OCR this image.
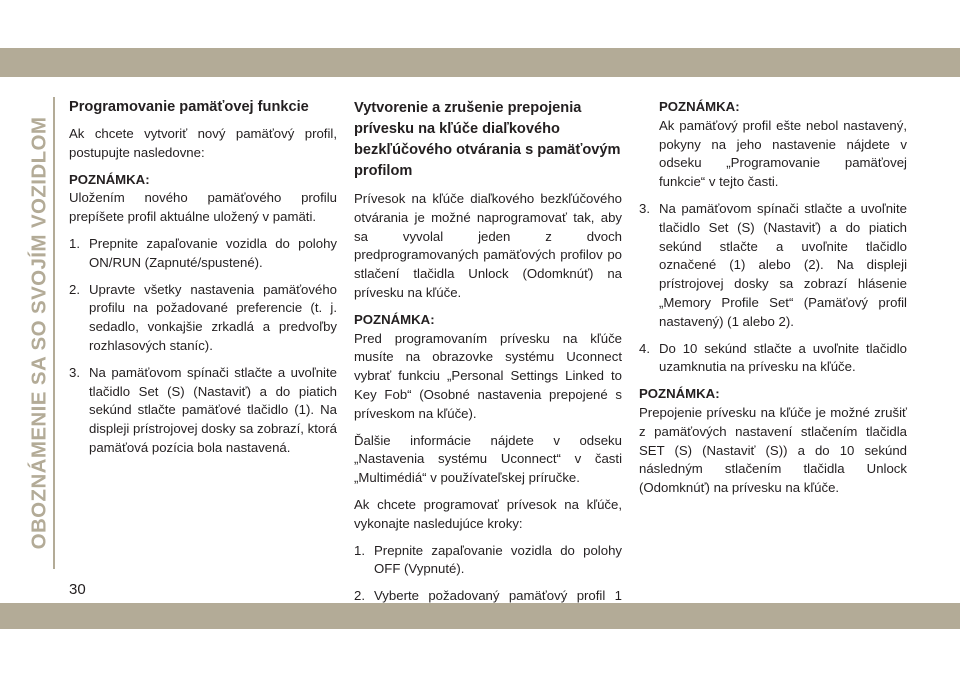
OBOZNÁMENIE SA SO SVOJÍM VOZIDLOM
Programovanie pamäťovej funkcie

Ak chcete vytvoriť nový pamäťový profil, postupujte nasledovne:

POZNÁMKA:

Uložením nového pamäťového profilu prepíšete profil aktuálne uložený v pamäti.

1. Prepnite zapaľovanie vozidla do polohy ON/RUN (Zapnuté/spustené).
2. Upravte všetky nastavenia pamäťového profilu na požadované preferencie (t. j. sedadlo, vonkajšie zrkadlá a predvoľby rozhlasových staníc).
3. Na pamäťovom spínači stlačte a uvoľnite tlačidlo Set (S) (Nastaviť) a do piatich sekúnd stlačte pamäťové tlačidlo (1). Na displeji prístrojovej dosky sa zobrazí, ktorá pamäťová pozícia bola nastavená.
Vytvorenie a zrušenie prepojenia prívesku na kľúče diaľkového bezkľúčového otvárania s pamäťovým profilom

Prívesok na kľúče diaľkového bezkľúčového otvárania je možné naprogramovať tak, aby sa vyvolal jeden z dvoch predprogramovaných pamäťových profilov po stlačení tlačidla Unlock (Odomknúť) na prívesku na kľúče.

POZNÁMKA:

Pred programovaním prívesku na kľúče musíte na obrazovke systému Uconnect vybrať funkciu „Personal Settings Linked to Key Fob“ (Osobné nastavenia prepojené s príveskom na kľúče).

Ďalšie informácie nájdete v odseku „Nastavenia systému Uconnect“ v časti „Multimédiá“ v používateľskej príručke.

Ak chcete programovať prívesok na kľúče, vykonajte nasledujúce kroky:

1. Prepnite zapaľovanie vozidla do polohy OFF (Vypnuté).
2. Vyberte požadovaný pamäťový profil 1

POZNÁMKA:

Ak pamäťový profil ešte nebol nastavený, pokyny na jeho nastavenie nájdete v odseku „Programovanie pamäťovej funkcie“ v tejto časti.

3. Na pamäťovom spínači stlačte a uvoľnite tlačidlo Set (S) (Nastaviť) a do piatich sekúnd stlačte a uvoľnite tlačidlo označené (1) alebo (2). Na displeji prístrojovej dosky sa zobrazí hlásenie „Memory Profile Set“ (Pamäťový profil nastavený) (1 alebo 2).
4. Do 10 sekúnd stlačte a uvoľnite tlačidlo uzamknutia na prívesku na kľúče.

POZNÁMKA:

Prepojenie prívesku na kľúče je možné zrušiť z pamäťových nastavení stlačením tlačidla SET (S) (Nastaviť (S)) a do 10 sekúnd následným stlačením tlačidla Unlock (Odomknúť) na prívesku na kľúče.

30
